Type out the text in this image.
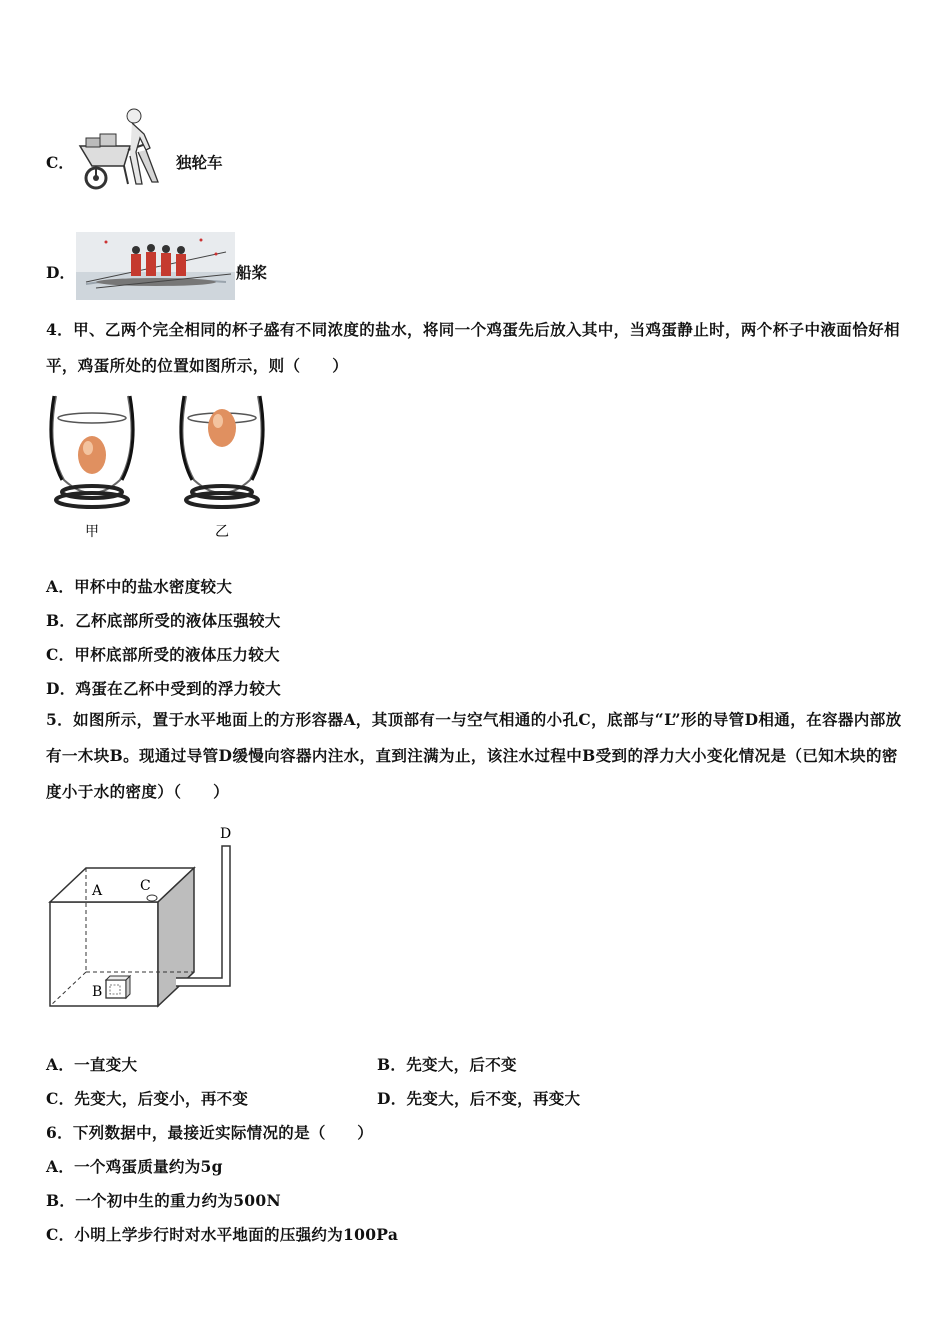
C．	独轮车
D．	船桨
4．甲、乙两个完全相同的杯子盛有不同浓度的盐水，将同一个鸡蛋先后放入其中，当鸡蛋静止时，两个杯子中液面恰好相平，鸡蛋所处的位置如图所示，则（　　）
甲	乙
A．甲杯中的盐水密度较大
B．乙杯底部所受的液体压强较大
C．甲杯底部所受的液体压力较大
D．鸡蛋在乙杯中受到的浮力较大
5．如图所示，置于水平地面上的方形容器A，其顶部有一与空气相通的小孔C，底部与“L”形的导管D相通，在容器内部放有一木块B。现通过导管D缓慢向容器内注水，直到注满为止，该注水过程中B受到的浮力大小变化情况是（已知木块的密度小于水的密度）（　　）
A	C
B
D
A．一直变大	B．先变大，后不变
C．先变大，后变小，再不变	D．先变大，后不变，再变大
6．下列数据中，最接近实际情况的是（　　）
A．一个鸡蛋质量约为5g
B．一个初中生的重力约为500N
C．小明上学步行时对水平地面的压强约为100Pa
